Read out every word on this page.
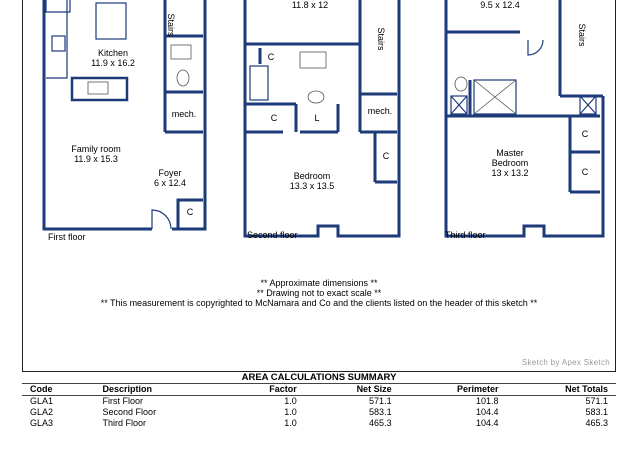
Kitchen
11.9 x 16.2
Stairs
mech.
Family room
11.9 x 15.3
Foyer
6 x 12.4
C
First floor
11.8 x 12
Stairs
C
C	L
mech.
C
Bedroom
13.3 x 13.5
Second floor
9.5 x 12.4
Stairs
C
C
Master Bedroom
13 x 13.2
Third floor
** Approximate dimensions **
** Drawing not to exact scale **
** This measurement is copyrighted to McNamara and Co and the clients listed on the header of this sketch **
Sketch by Apex Sketch
AREA CALCULATIONS SUMMARY
Code	Description	Factor	Net Size	Perimeter	Net Totals
GLA1	First Floor	1.0	571.1	101.8	571.1
GLA2	Second Floor	1.0	583.1	104.4	583.1
GLA3	Third Floor	1.0	465.3	104.4	465.3
